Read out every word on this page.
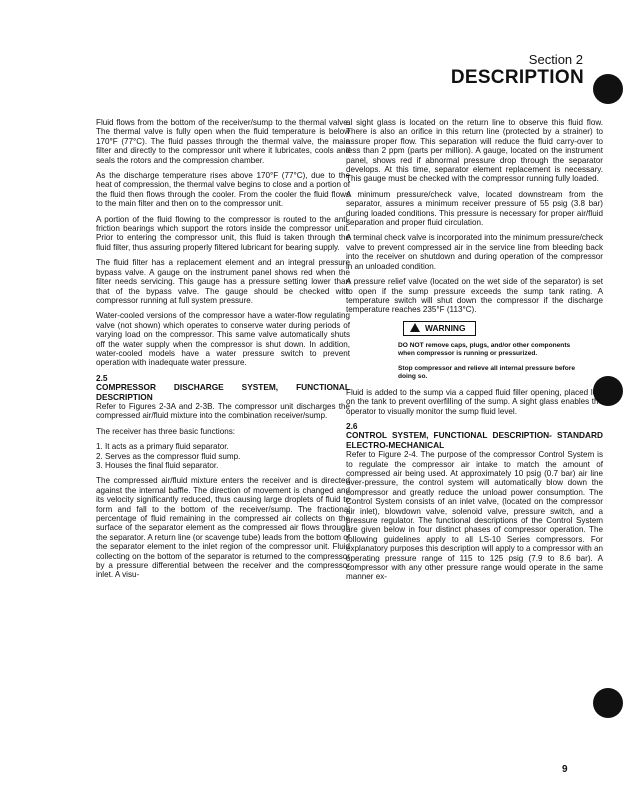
Section 2
DESCRIPTION

Fluid flows from the bottom of the receiver/sump to the thermal valve. The thermal valve is fully open when the fluid temperature is below 170°F (77°C). The fluid passes through the thermal valve, the main filter and directly to the compressor unit where it lubricates, cools and seals the rotors and the compression chamber.

As the discharge temperature rises above 170°F (77°C), due to the heat of compression, the thermal valve begins to close and a portion of the fluid then flows through the cooler. From the cooler the fluid flows to the main filter and then on to the compressor unit.

A portion of the fluid flowing to the compressor is routed to the anti-friction bearings which support the rotors inside the compressor unit. Prior to entering the compressor unit, this fluid is taken through the fluid filter, thus assuring properly filtered lubricant for bearing supply.

The fluid filter has a replacement element and an integral pressure bypass valve. A gauge on the instrument panel shows red when the filter needs servicing. This gauge has a pressure setting lower than that of the bypass valve. The gauge should be checked with compressor running at full system pressure.

Water-cooled versions of the compressor have a water-flow regulating valve (not shown) which operates to conserve water during periods of varying load on the compressor. This same valve automatically shuts off the water supply when the compressor is shut down. In addition, water-cooled models have a water pressure switch to prevent operation with inadequate water pressure.

2.5
COMPRESSOR DISCHARGE SYSTEM, FUNCTIONAL DESCRIPTION

Refer to Figures 2-3A and 2-3B. The compressor unit discharges the compressed air/fluid mixture into the combination receiver/sump.

The receiver has three basic functions:

1. It acts as a primary fluid separator.
2. Serves as the compressor fluid sump.
3. Houses the final fluid separator.

The compressed air/fluid mixture enters the receiver and is directed against the internal baffle. The direction of movement is changed and its velocity significantly reduced, thus causing large droplets of fluid to form and fall to the bottom of the receiver/sump. The fractional percentage of fluid remaining in the compressed air collects on the surface of the separator element as the compressed air flows through the separator. A return line (or scavenge tube) leads from the bottom of the separator element to the inlet region of the compressor unit. Fluid collecting on the bottom of the separator is returned to the compressor by a pressure differential between the receiver and the compressor inlet. A visu-

al sight glass is located on the return line to observe this fluid flow. There is also an orifice in this return line (protected by a strainer) to assure proper flow. This separation will reduce the fluid carry-over to less than 2 ppm (parts per million). A gauge, located on the instrument panel, shows red if abnormal pressure drop through the separator develops. At this time, separator element replacement is necessary. This gauge must be checked with the compressor running fully loaded.

A minimum pressure/check valve, located downstream from the separator, assures a minimum receiver pressure of 55 psig (3.8 bar) during loaded conditions. This pressure is necessary for proper air/fluid separation and proper fluid circulation.

A terminal check valve is incorporated into the minimum pressure/check valve to prevent compressed air in the service line from bleeding back into the receiver on shutdown and during operation of the compressor in an unloaded condition.

A pressure relief valve (located on the wet side of the separator) is set to open if the sump pressure exceeds the sump tank rating. A temperature switch will shut down the compressor if the discharge temperature reaches 235°F (113°C).

WARNING
DO NOT remove caps, plugs, and/or other components when compressor is running or pressurized.
Stop compressor and relieve all internal pressure before doing so.

Fluid is added to the sump via a capped fluid filler opening, placed low on the tank to prevent overfilling of the sump. A sight glass enables the operator to visually monitor the sump fluid level.

2.6
CONTROL SYSTEM, FUNCTIONAL DESCRIPTION- STANDARD ELECTRO-MECHANICAL

Refer to Figure 2-4. The purpose of the compressor Control System is to regulate the compressor air intake to match the amount of compressed air being used. At approximately 10 psig (0.7 bar) air line over-pressure, the control system will automatically blow down the compressor and greatly reduce the unload power consumption. The Control System consists of an inlet valve, (located on the compressor air inlet), blowdown valve, solenoid valve, pressure switch, and a pressure regulator. The functional descriptions of the Control System are given below in four distinct phases of compressor operation. The following guidelines apply to all LS-10 Series compressors. For explanatory purposes this description will apply to a compressor with an operating pressure range of 115 to 125 psig (7.9 to 8.6 bar). A compressor with any other pressure range would operate in the same manner ex-

9
